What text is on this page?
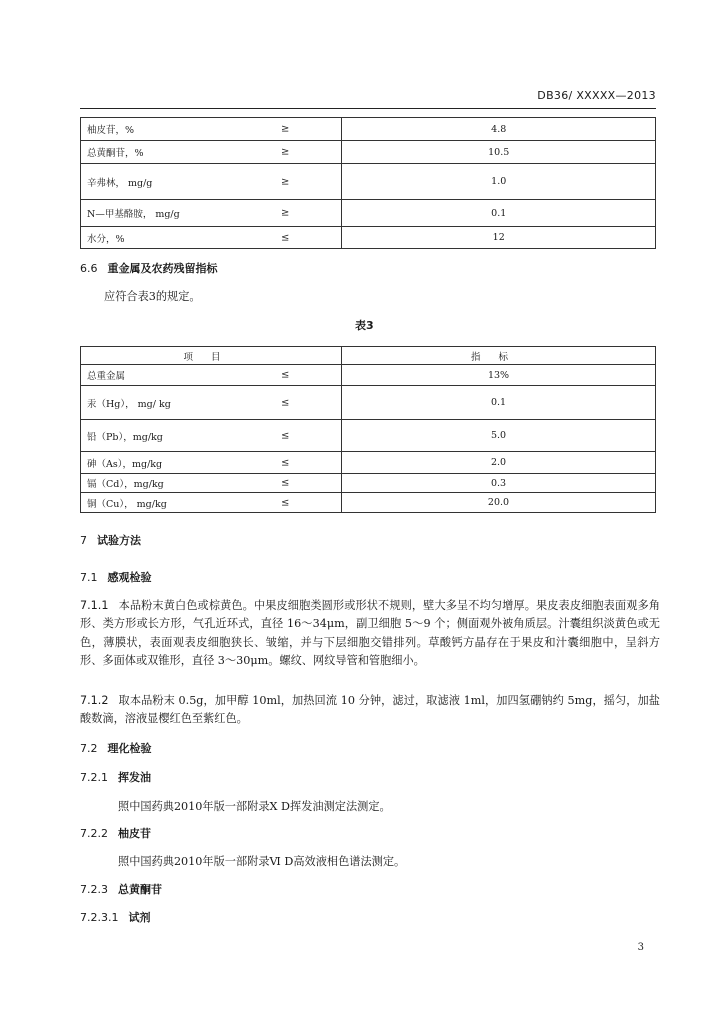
DB36/ XXXXX—2013
柚皮苷，% ≥	4.8
总黄酮苷，% ≥	10.5
辛弗林， mg/g ≥	1.0
N—甲基酪胺， mg/g ≥	0.1
水分，% ≤	12
6.6 重金属及农药残留指标
应符合表3的规定。
表3
项目	指标
总重金属 ≤	13%
汞（Hg）， mg/ kg ≤	0.1
铅（Pb），mg/kg ≤	5.0
砷（As），mg/kg ≤	2.0
镉（Cd），mg/kg ≤	0.3
铜（Cu）， mg/kg ≤	20.0
7 试验方法
7.1 感观检验
7.1.1 本品粉末黄白色或棕黄色。中果皮细胞类圆形或形状不规则，壁大多呈不均匀增厚。果皮表皮细胞表面观多角形、类方形或长方形，气孔近环式，直径 16～34μm，副卫细胞 5～9 个；侧面观外被角质层。汁囊组织淡黄色或无色，薄膜状，表面观表皮细胞狭长、皱缩，并与下层细胞交错排列。草酸钙方晶存在于果皮和汁囊细胞中，呈斜方形、多面体或双锥形，直径 3～30μm。螺纹、网纹导管和管胞细小。
7.1.2 取本品粉末 0.5g，加甲醇 10ml，加热回流 10 分钟，滤过，取滤液 1ml，加四氢硼钠约 5mg，摇匀，加盐酸数滴，溶液显樱红色至紫红色。
7.2 理化检验
7.2.1 挥发油
照中国药典2010年版一部附录X D挥发油测定法测定。
7.2.2 柚皮苷
照中国药典2010年版一部附录Ⅵ D高效液相色谱法测定。
7.2.3 总黄酮苷
7.2.3.1 试剂
3
